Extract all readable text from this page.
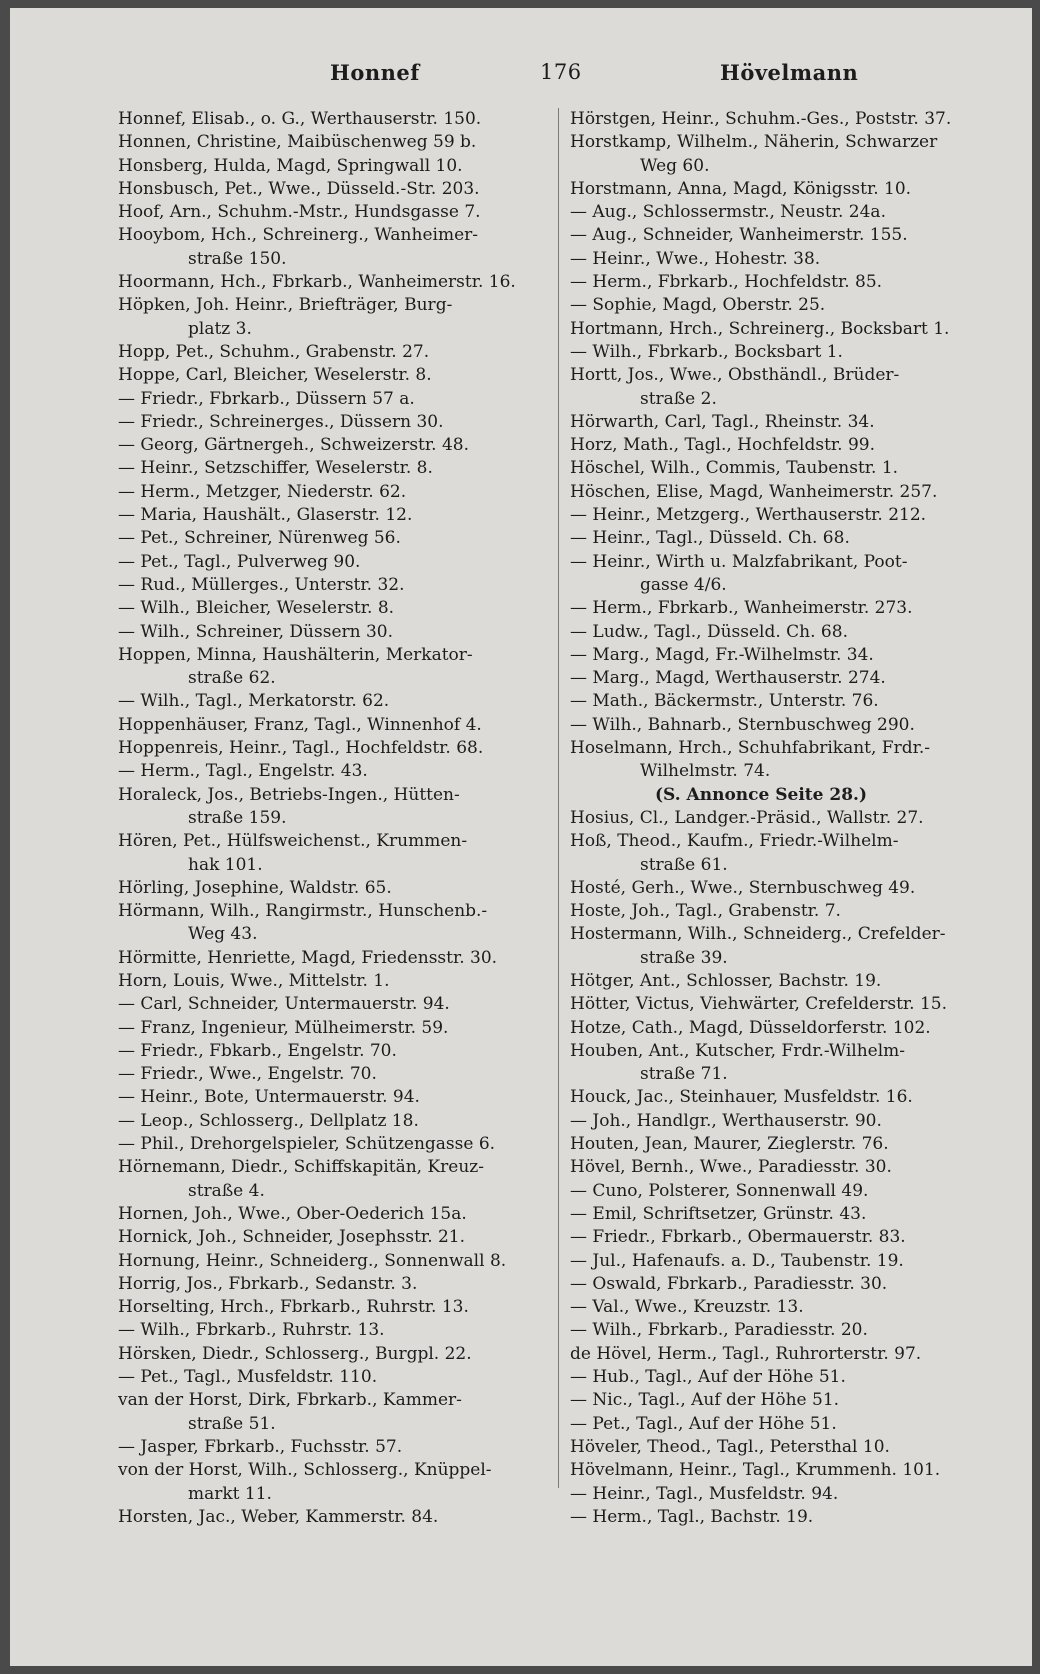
Honnef	176	Hövelmann
Honnef, Elisab., o. G., Werthauserstr. 150.
Honnen, Christine, Maibüschenweg 59 b.
Honsberg, Hulda, Magd, Springwall 10.
Honsbusch, Pet., Wwe., Düsseld.-Str. 203.
Hoof, Arn., Schuhm.-Mstr., Hundsgasse 7.
Hooybom, Hch., Schreinerg., Wanheimer-
straße 150.
Hoormann, Hch., Fbrkarb., Wanheimerstr. 16.
Höpken, Joh. Heinr., Briefträger, Burg-
platz 3.
Hopp, Pet., Schuhm., Grabenstr. 27.
Hoppe, Carl, Bleicher, Weselerstr. 8.
— Friedr., Fbrkarb., Düssern 57 a.
— Friedr., Schreinerges., Düssern 30.
— Georg, Gärtnergeh., Schweizerstr. 48.
— Heinr., Setzschiffer, Weselerstr. 8.
— Herm., Metzger, Niederstr. 62.
— Maria, Haushält., Glaserstr. 12.
— Pet., Schreiner, Nürenweg 56.
— Pet., Tagl., Pulverweg 90.
— Rud., Müllerges., Unterstr. 32.
— Wilh., Bleicher, Weselerstr. 8.
— Wilh., Schreiner, Düssern 30.
Hoppen, Minna, Haushälterin, Merkator-
straße 62.
— Wilh., Tagl., Merkatorstr. 62.
Hoppenhäuser, Franz, Tagl., Winnenhof 4.
Hoppenreis, Heinr., Tagl., Hochfeldstr. 68.
— Herm., Tagl., Engelstr. 43.
Horaleck, Jos., Betriebs-Ingen., Hütten-
straße 159.
Hören, Pet., Hülfsweichenst., Krummen-
hak 101.
Hörling, Josephine, Waldstr. 65.
Hörmann, Wilh., Rangirmstr., Hunschenb.-
Weg 43.
Hörmitte, Henriette, Magd, Friedensstr. 30.
Horn, Louis, Wwe., Mittelstr. 1.
— Carl, Schneider, Untermauerstr. 94.
— Franz, Ingenieur, Mülheimerstr. 59.
— Friedr., Fbkarb., Engelstr. 70.
— Friedr., Wwe., Engelstr. 70.
— Heinr., Bote, Untermauerstr. 94.
— Leop., Schlosserg., Dellplatz 18.
— Phil., Drehorgelspieler, Schützengasse 6.
Hörnemann, Diedr., Schiffskapitän, Kreuz-
straße 4.
Hornen, Joh., Wwe., Ober-Oederich 15a.
Hornick, Joh., Schneider, Josephsstr. 21.
Hornung, Heinr., Schneiderg., Sonnenwall 8.
Horrig, Jos., Fbrkarb., Sedanstr. 3.
Horselting, Hrch., Fbrkarb., Ruhrstr. 13.
— Wilh., Fbrkarb., Ruhrstr. 13.
Hörsken, Diedr., Schlosserg., Burgpl. 22.
— Pet., Tagl., Musfeldstr. 110.
van der Horst, Dirk, Fbrkarb., Kammer-
straße 51.
— Jasper, Fbrkarb., Fuchsstr. 57.
von der Horst, Wilh., Schlosserg., Knüppel-
markt 11.
Horsten, Jac., Weber, Kammerstr. 84.
Hörstgen, Heinr., Schuhm.-Ges., Poststr. 37.
Horstkamp, Wilhelm., Näherin, Schwarzer
Weg 60.
Horstmann, Anna, Magd, Königsstr. 10.
— Aug., Schlossermstr., Neustr. 24a.
— Aug., Schneider, Wanheimerstr. 155.
— Heinr., Wwe., Hohestr. 38.
— Herm., Fbrkarb., Hochfeldstr. 85.
— Sophie, Magd, Oberstr. 25.
Hortmann, Hrch., Schreinerg., Bocksbart 1.
— Wilh., Fbrkarb., Bocksbart 1.
Hortt, Jos., Wwe., Obsthändl., Brüder-
straße 2.
Hörwarth, Carl, Tagl., Rheinstr. 34.
Horz, Math., Tagl., Hochfeldstr. 99.
Höschel, Wilh., Commis, Taubenstr. 1.
Höschen, Elise, Magd, Wanheimerstr. 257.
— Heinr., Metzgerg., Werthauserstr. 212.
— Heinr., Tagl., Düsseld. Ch. 68.
— Heinr., Wirth u. Malzfabrikant, Poot-
gasse 4/6.
— Herm., Fbrkarb., Wanheimerstr. 273.
— Ludw., Tagl., Düsseld. Ch. 68.
— Marg., Magd, Fr.-Wilhelmstr. 34.
— Marg., Magd, Werthauserstr. 274.
— Math., Bäckermstr., Unterstr. 76.
— Wilh., Bahnarb., Sternbuschweg 290.
Hoselmann, Hrch., Schuhfabrikant, Frdr.-
Wilhelmstr. 74.
(S. Annonce Seite 28.)
Hosius, Cl., Landger.-Präsid., Wallstr. 27.
Hoß, Theod., Kaufm., Friedr.-Wilhelm-
straße 61.
Hosté, Gerh., Wwe., Sternbuschweg 49.
Hoste, Joh., Tagl., Grabenstr. 7.
Hostermann, Wilh., Schneiderg., Crefelder-
straße 39.
Hötger, Ant., Schlosser, Bachstr. 19.
Hötter, Victus, Viehwärter, Crefelderstr. 15.
Hotze, Cath., Magd, Düsseldorferstr. 102.
Houben, Ant., Kutscher, Frdr.-Wilhelm-
straße 71.
Houck, Jac., Steinhauer, Musfeldstr. 16.
— Joh., Handlgr., Werthauserstr. 90.
Houten, Jean, Maurer, Zieglerstr. 76.
Hövel, Bernh., Wwe., Paradiesstr. 30.
— Cuno, Polsterer, Sonnenwall 49.
— Emil, Schriftsetzer, Grünstr. 43.
— Friedr., Fbrkarb., Obermauerstr. 83.
— Jul., Hafenaufs. a. D., Taubenstr. 19.
— Oswald, Fbrkarb., Paradiesstr. 30.
— Val., Wwe., Kreuzstr. 13.
— Wilh., Fbrkarb., Paradiesstr. 20.
de Hövel, Herm., Tagl., Ruhrorterstr. 97.
— Hub., Tagl., Auf der Höhe 51.
— Nic., Tagl., Auf der Höhe 51.
— Pet., Tagl., Auf der Höhe 51.
Höveler, Theod., Tagl., Petersthal 10.
Hövelmann, Heinr., Tagl., Krummenh. 101.
— Heinr., Tagl., Musfeldstr. 94.
— Herm., Tagl., Bachstr. 19.
